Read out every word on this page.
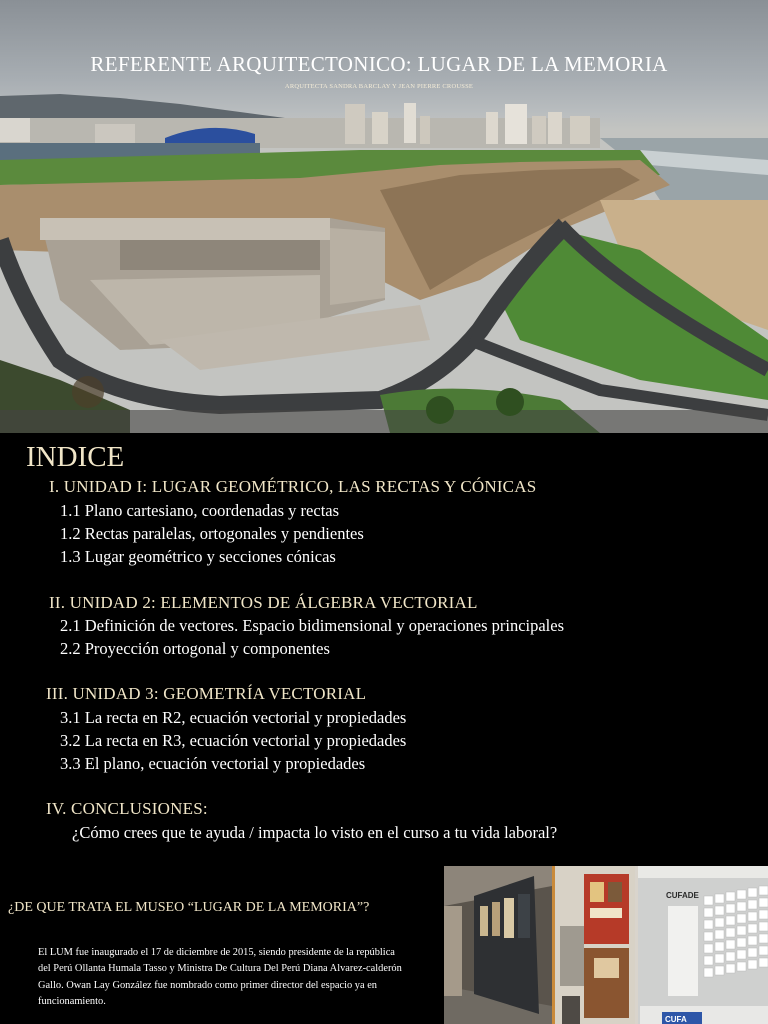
REFERENTE ARQUITECTONICO: LUGAR DE LA MEMORIA
ARQUITECTA SANDRA BARCLAY Y JEAN PIERRE CROUSSE
INDICE
I. UNIDAD I: LUGAR GEOMÉTRICO, LAS RECTAS Y CÓNICAS
1.1 Plano cartesiano, coordenadas y rectas
1.2 Rectas paralelas, ortogonales y pendientes
1.3 Lugar geométrico y secciones cónicas
II. UNIDAD 2: ELEMENTOS DE ÁLGEBRA VECTORIAL
2.1 Definición de vectores. Espacio bidimensional y operaciones principales
2.2 Proyección ortogonal y componentes
III. UNIDAD 3: GEOMETRÍA VECTORIAL
3.1 La recta en R2, ecuación vectorial y propiedades
3.2 La recta en R3, ecuación vectorial y propiedades
3.3 El plano, ecuación vectorial y propiedades
IV. CONCLUSIONES:
¿Cómo crees que te ayuda / impacta lo visto en el curso a tu vida laboral?
¿DE QUE TRATA EL MUSEO “LUGAR DE LA MEMORIA”?
El LUM fue inaugurado el 17 de diciembre de 2015, siendo presidente de la república del Perú Ollanta Humala Tasso y Ministra De Cultura Del Perú Diana Alvarez-calderón Gallo. Owan Lay González fue nombrado como primer director del espacio ya en funcionamiento.
CUFADE
CUFA
